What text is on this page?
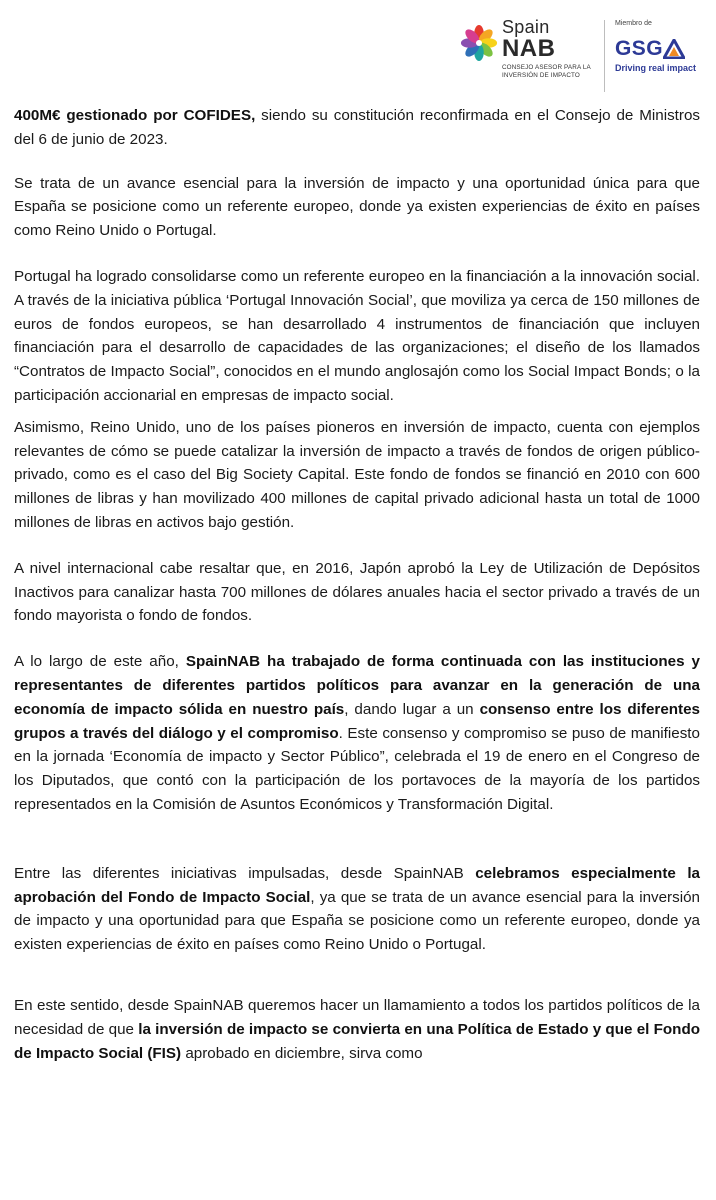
Spain
NAB
CONSEJO ASESOR PARA LA INVERSIÓN DE IMPACTO
Miembro de
GSG
Driving real impact

400M€ gestionado por COFIDES, siendo su constitución reconfirmada en el Consejo de Ministros del 6 de junio de 2023.

Se trata de un avance esencial para la inversión de impacto y una oportunidad única para que España se posicione como un referente europeo, donde ya existen experiencias de éxito en países como Reino Unido o Portugal.

Portugal ha logrado consolidarse como un referente europeo en la financiación a la innovación social. A través de la iniciativa pública ‘Portugal Innovación Social’, que moviliza ya cerca de 150 millones de euros de fondos europeos, se han desarrollado 4 instrumentos de financiación que incluyen financiación para el desarrollo de capacidades de las organizaciones; el diseño de los llamados “Contratos de Impacto Social”, conocidos en el mundo anglosajón como los Social Impact Bonds; o la participación accionarial en empresas de impacto social.

Asimismo, Reino Unido, uno de los países pioneros en inversión de impacto, cuenta con ejemplos relevantes de cómo se puede catalizar la inversión de impacto a través de fondos de origen público-privado, como es el caso del Big Society Capital. Este fondo de fondos se financió en 2010 con 600 millones de libras y han movilizado 400 millones de capital privado adicional hasta un total de 1000 millones de libras en activos bajo gestión.

A nivel internacional cabe resaltar que, en 2016, Japón aprobó la Ley de Utilización de Depósitos Inactivos para canalizar hasta 700 millones de dólares anuales hacia el sector privado a través de un fondo mayorista o fondo de fondos.

A lo largo de este año, SpainNAB ha trabajado de forma continuada con las instituciones y representantes de diferentes partidos políticos para avanzar en la generación de una economía de impacto sólida en nuestro país, dando lugar a un consenso entre los diferentes grupos a través del diálogo y el compromiso. Este consenso y compromiso se puso de manifiesto en la jornada ‘Economía de impacto y Sector Público”, celebrada el 19 de enero en el Congreso de los Diputados, que contó con la participación de los portavoces de la mayoría de los partidos representados en la Comisión de Asuntos Económicos y Transformación Digital.

Entre las diferentes iniciativas impulsadas, desde SpainNAB celebramos especialmente la aprobación del Fondo de Impacto Social, ya que se trata de un avance esencial para la inversión de impacto y una oportunidad para que España se posicione como un referente europeo, donde ya existen experiencias de éxito en países como Reino Unido o Portugal.

En este sentido, desde SpainNAB queremos hacer un llamamiento a todos los partidos políticos de la necesidad de que la inversión de impacto se convierta en una Política de Estado y que el Fondo de Impacto Social (FIS) aprobado en diciembre, sirva como
